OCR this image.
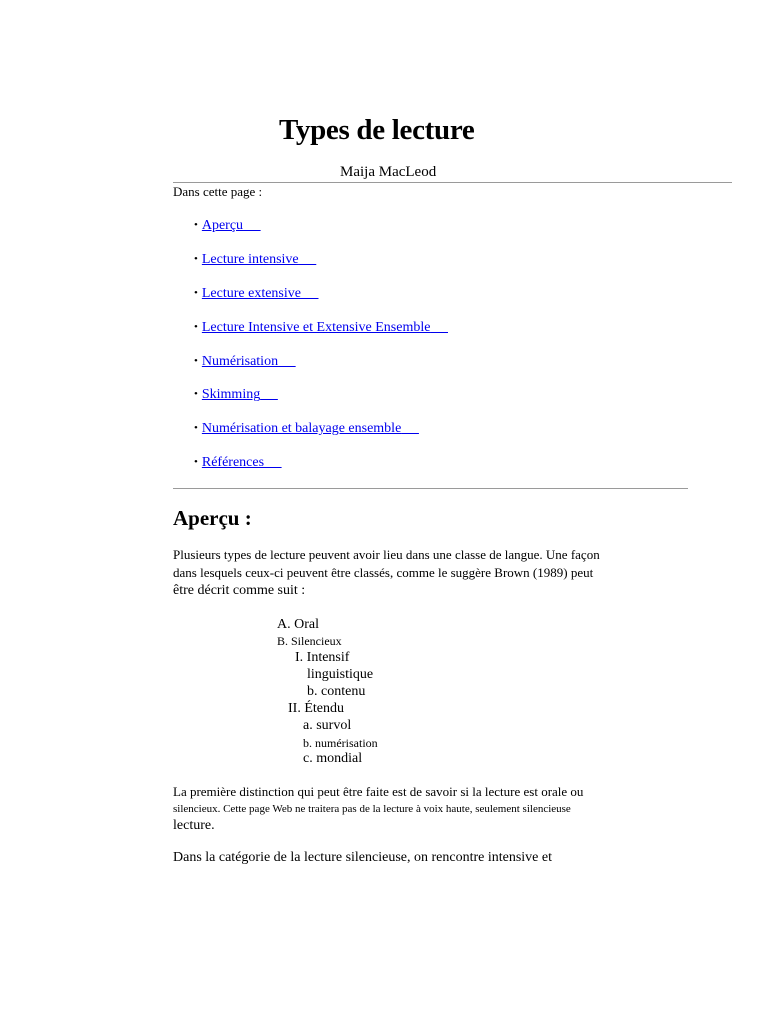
Types de lecture
Maija MacLeod
Dans cette page :
• Aperçu
• Lecture intensive
• Lecture extensive
• Lecture Intensive et Extensive Ensemble
• Numérisation
• Skimming
• Numérisation et balayage ensemble
• Références
Aperçu :
Plusieurs types de lecture peuvent avoir lieu dans une classe de langue. Une façon
dans lesquels ceux-ci peuvent être classés, comme le suggère Brown (1989) peut
être décrit comme suit :
A. Oral
B. Silencieux
I. Intensif
linguistique
b. contenu
II. Étendu
a. survol
b. numérisation
c. mondial
La première distinction qui peut être faite est de savoir si la lecture est orale ou
silencieux. Cette page Web ne traitera pas de la lecture à voix haute, seulement silencieuse
lecture.
Dans la catégorie de la lecture silencieuse, on rencontre intensive et
